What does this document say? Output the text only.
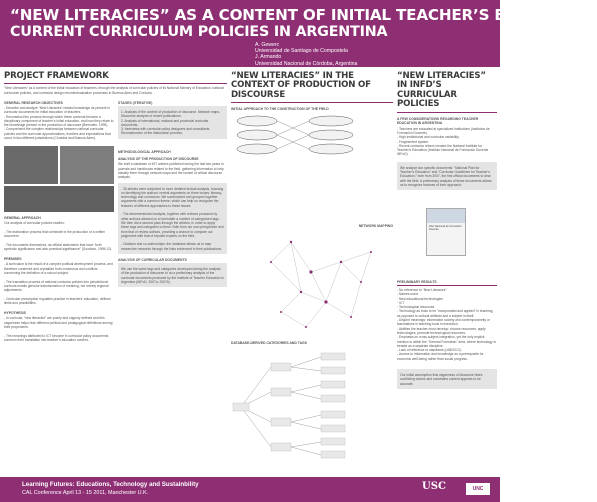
“NEW LITERACIES” AS A CONTENT OF INITIAL TEACHER’S EDUCATION.
CURRENT CURRICULUM POLICIES IN ARGENTINA
A. Gewerc
Universidad de Santiago de Compostela
J. Armando
Universidad Nacional de Córdoba, Argentina
PROJECT FRAMEWORK
“New Literacies” as a content of the initial education of teachers, through the analysis of curricular policies of its National Ministry of Education, national curriculum policies, and curricular design recontextualization processes in Buenos Aires and Córdoba.
GENERAL RESEARCH OBJECTIVES
- Describe and analyze “New Literacies” related knowledge as present in curricular documents for initial education of teachers.
- Reconstruct the process through which these contents become a disciplinary component of teacher’s initial education, and how they relate to the knowledge present in the production of discourse (Bernstein, 1990).
- Comprehend the complex relationships between national curricular policies and the curricular approximations, frontiers and expectations that occur in two different jurisdictions (Córdoba and Buenos Aires).
STAGES (ITERATIVE)
1. Analysis of the context of production of discourse. Network maps. Discourse analysis of recent publications.
2. Analysis of international, national and provincial curricular documents.
3. Interviews with curricular policy designers and consultants. Reconstruction of the elaboration process.
GENERAL APPROACH
Our analysis of curricular policies studies:

- The elaboration process that culminate in the production of a written document.

- The documents themselves, as official statements that have “both symbolic significance and also practical significance” (Goodson, 1995:12).
PREMISES
- A curriculum is the result of a complex political development process, and therefore condense and crystallize both consensus and conflicts concerning the definition of a school subject.

- The translation process of national curricular policies into jurisdictional curricula entails genuine transformation of meaning, not merely regional adjustments.

- Curricular prescription regulates practice in teachers’ education, defines limits and possibilities.
HYPOTHESIS
- In curricula, “new literacies” are poorly and vaguely defined and this vagueness helps hide different political and pedagogical definitions among their proponents.

- The meanings attributed to ICT become in curricular policy documents common their translation into teacher’s education content.
METHODOLOGICAL APPROACH
ANALYSIS OF THE PRODUCTION OF DISCOURSE
We built a database of 497 articles published during the last two years in journals and handbooks related to the field, gathering information to help classify them through network maps and the toolset of critical discourse analysis.
- 35 articles were subjected to more detailed textual analysis, focusing on identifying the authors’ central arguments on three issues: literacy, technology and curriculum. We summarized and grouped together arguments with a common theme, which can help us recognize the features of different approaches to these issues.

- The aforementioned analysis, together with reviews produced by other authors allowed us to formulate a number of categorized tags. We then did a second pass through the articles, in order to apply these tags and categories to them. Both from our own perspective and from that of review authors, providing a chance to compare our judgement with that of reputed experts on the field.

- Citations and co-authorships: the database allows us to map researcher networks through the links evidenced in their publications.
ANALYSIS OF CURRICULAR DOCUMENTS
We use the same tags and categories developed during the analysis of the production of discourse to do a preliminary analysis of the curricular documents produced by the Institute of Teacher Education in Argentina (INFoD, 2007a, 2007b).
“NEW LITERACIES” IN THE CONTEXT OF PRODUCTION OF DISCOURSE
INITIAL APPROACH TO THE CONSTRUCTION OF THE FIELD
NETWORK MAPPING
DATABASE-DERIVED CATEGORIES AND TAGS
“NEW LITERACIES” IN INFD’S CURRICULAR POLICIES
A FEW CONSIDERATIONS REGARDING TEACHER EDUCATION IN ARGENTINA
- Teachers are educated at specialized institutions (Institutos de Formación Docente).
- High institutional and curricular variability.
- Fragmented system.
- Recent curricular reform created the National Institute for Teacher’s Education (Instituto Nacional de Formación Docente INFoD).
We analyze two specific documents: “National Plan for Teacher’s Education” and “Curricular Guidelines for Teacher’s Education,” both from 2007, the first official documents to deal with the field. A preliminary analysis of these documents allows us to recognize features of their approach:
Plan Nacional de Formación Docente
PRELIMINARY RESULTS
- No reference to “New Literacies”
- Names used:
· New educational technologies
· ICT
· Technological resources
- Technology as tools to be “incorporated and applied” in teaching, as opposed to cultural artifacts and a subject in itself.
- Disjoint meanings: information society and contemporaneity or fascinations in teaching tools in execution.
- Abilities the teacher must develop: choose resources, apply technologies, promote technological resources.
- Emphasis on cross-subject integration, yet the only explicit mention is within the “General Formation” area, where technology is treated as a separate discipline.
- Lack of reference to standards (UNESCO).
- Access to information and knowledge as a prerequisite for economic well-being rather than social progress.
Our initial assumption that vagueness of discourse hides conflicting visions and constrains content appears to be accurate.
Learning Futures: Educations, Technology and Sustainbility
CAL Conference April 13 - 15 2011, Manchester U.K.
USC	UNC
